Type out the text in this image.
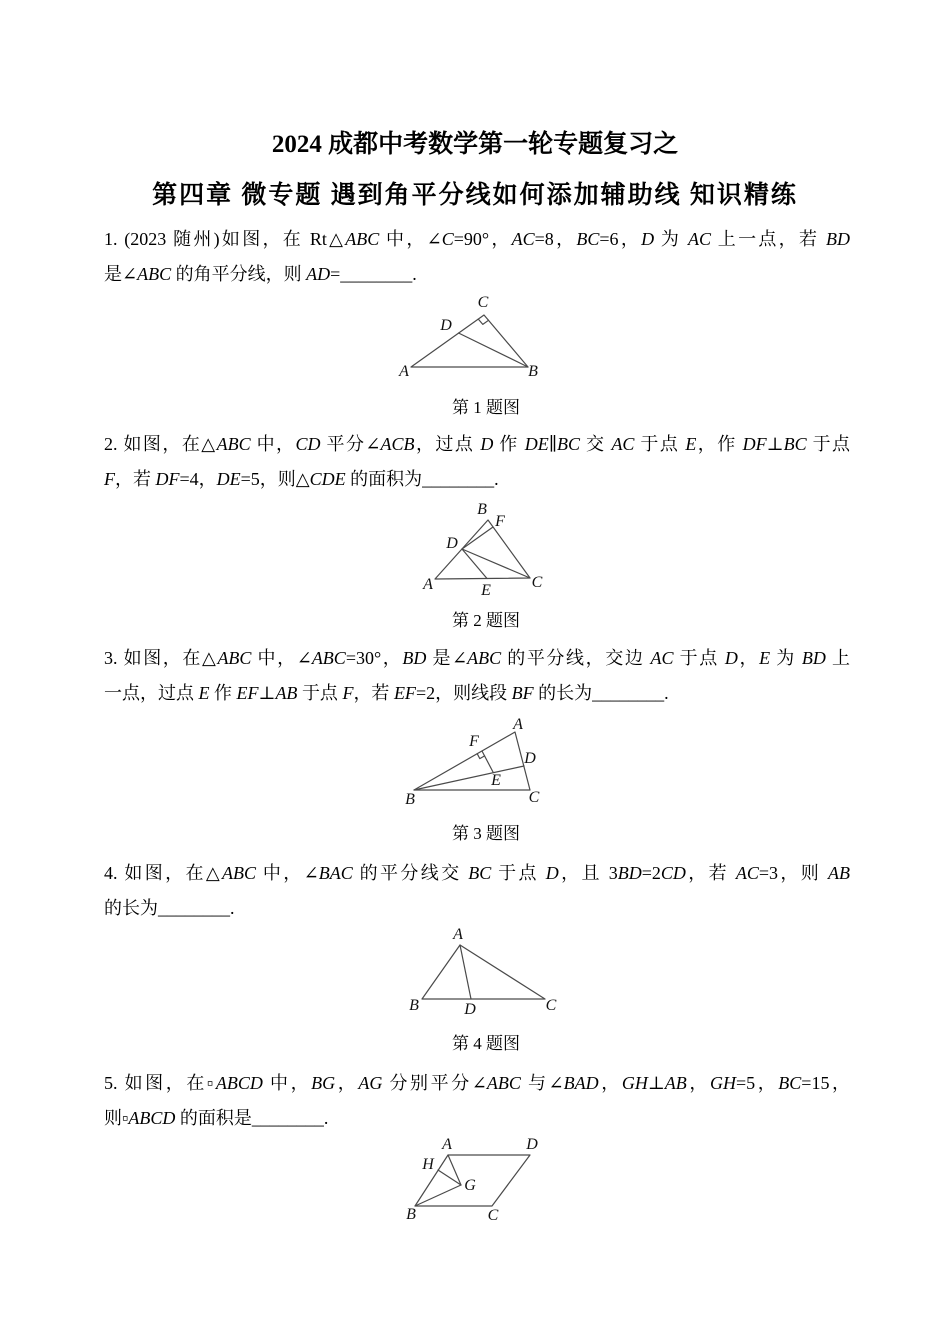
2024 成都中考数学第一轮专题复习之
第四章 微专题 遇到角平分线如何添加辅助线 知识精练
1. (2023 随州)如图，在 Rt△ABC 中，∠C=90°，AC=8，BC=6，D 为 AC 上一点，若 BD
是∠ABC 的角平分线，则 AD=________.
A	B
C
D
第 1 题图
2. 如图，在△ABC 中，CD 平分∠ACB，过点 D 作 DE∥BC 交 AC 于点 E，作 DF⊥BC 于点
F，若 DF=4，DE=5，则△CDE 的面积为________.
A
B
C
D
E
F
第 2 题图
3. 如图，在△ABC 中，∠ABC=30°，BD 是∠ABC 的平分线，交边 AC 于点 D，E 为 BD 上
一点，过点 E 作 EF⊥AB 于点 F，若 EF=2，则线段 BF 的长为________.
A
B	C
D
E
F
第 3 题图
4. 如图，在△ABC 中，∠BAC 的平分线交 BC 于点 D，且 3BD=2CD，若 AC=3，则 AB
的长为________.
A
B	C
D
第 4 题图
5. 如图，在▫ABCD 中，BG，AG 分别平分∠ABC 与∠BAD，GH⊥AB，GH=5，BC=15，
则▫ABCD 的面积是________.
A	D
B	C
G
H
